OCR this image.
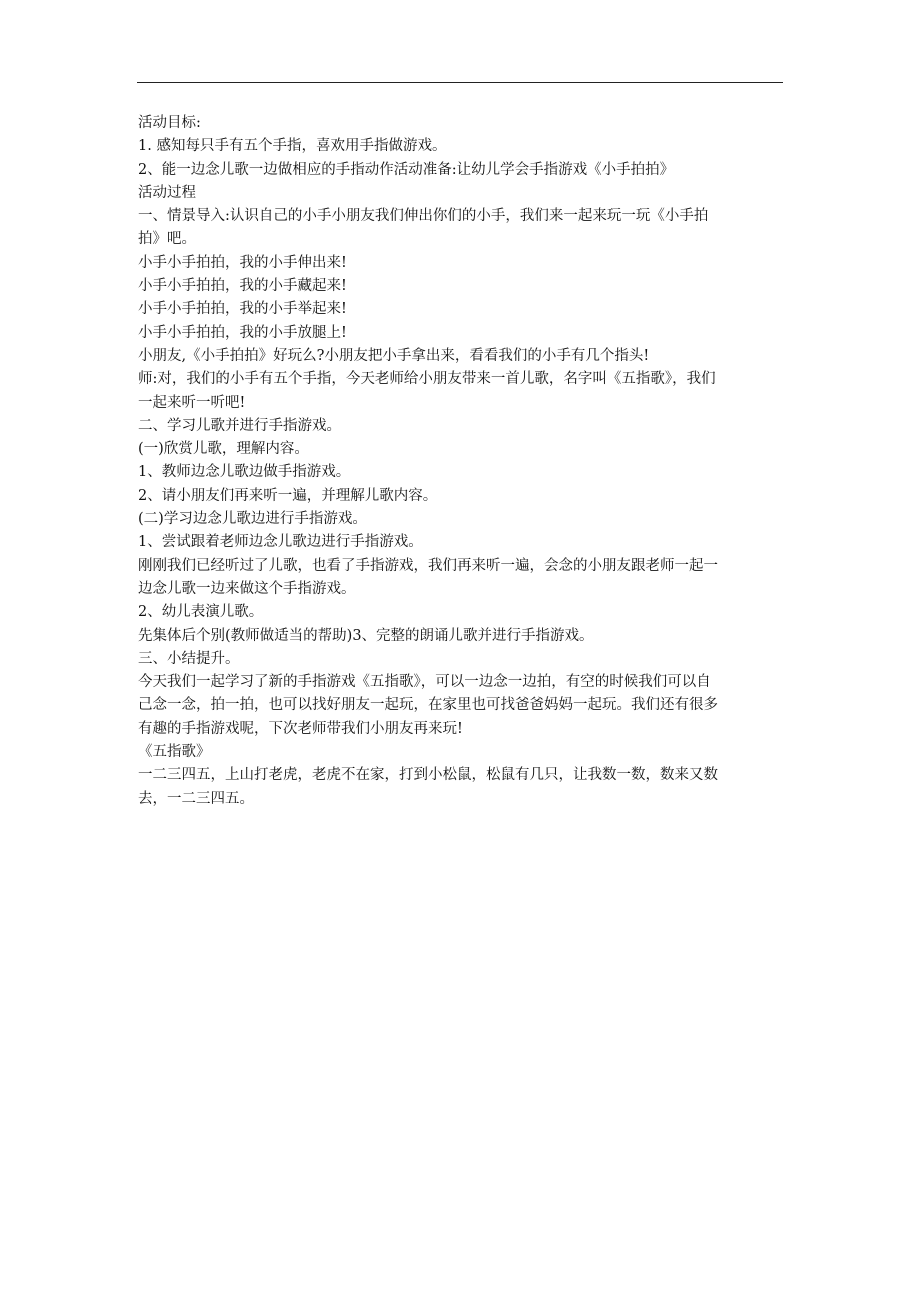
活动目标:
1. 感知每只手有五个手指，喜欢用手指做游戏。
2、能一边念儿歌一边做相应的手指动作活动准备:让幼儿学会手指游戏《小手拍拍》
活动过程
一、情景导入:认识自己的小手小朋友我们伸出你们的小手，我们来一起来玩一玩《小手拍
拍》吧。
小手小手拍拍，我的小手伸出来!
小手小手拍拍，我的小手藏起来!
小手小手拍拍，我的小手举起来!
小手小手拍拍，我的小手放腿上!
小朋友,《小手拍拍》好玩么?小朋友把小手拿出来，看看我们的小手有几个指头!
师:对，我们的小手有五个手指，今天老师给小朋友带来一首儿歌，名字叫《五指歌》，我们
一起来听一听吧!
二、学习儿歌并进行手指游戏。
(一)欣赏儿歌，理解内容。
1、教师边念儿歌边做手指游戏。
2、请小朋友们再来听一遍，并理解儿歌内容。
(二)学习边念儿歌边进行手指游戏。
1、尝试跟着老师边念儿歌边进行手指游戏。
刚刚我们已经听过了儿歌，也看了手指游戏，我们再来听一遍，会念的小朋友跟老师一起一
边念儿歌一边来做这个手指游戏。
2、幼儿表演儿歌。
先集体后个别(教师做适当的帮助)3、完整的朗诵儿歌并进行手指游戏。
三、小结提升。
今天我们一起学习了新的手指游戏《五指歌》，可以一边念一边拍，有空的时候我们可以自
己念一念，拍一拍，也可以找好朋友一起玩，在家里也可找爸爸妈妈一起玩。我们还有很多
有趣的手指游戏呢，下次老师带我们小朋友再来玩!
《五指歌》
一二三四五，上山打老虎，老虎不在家，打到小松鼠，松鼠有几只，让我数一数，数来又数
去，一二三四五。
